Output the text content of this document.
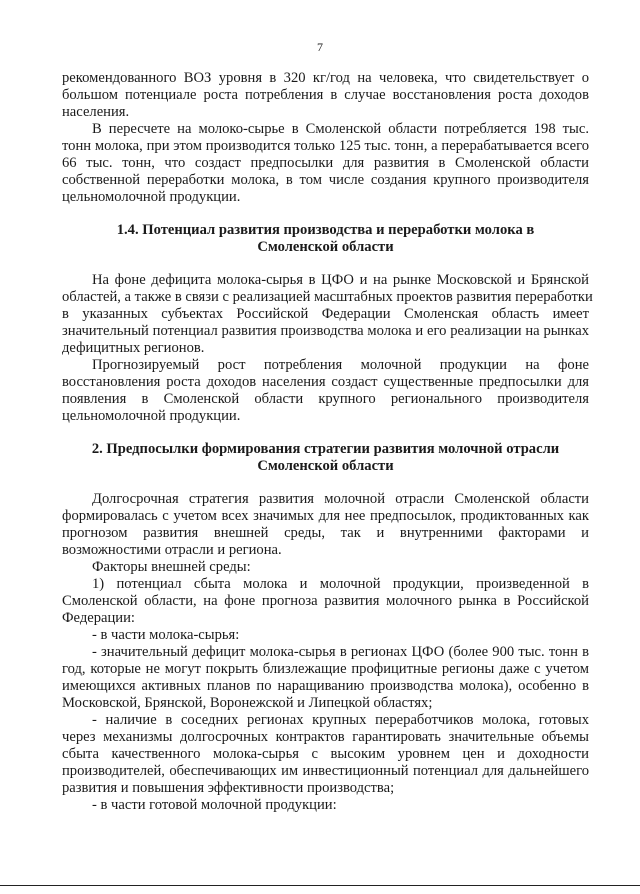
7
рекомендованного ВОЗ уровня в 320 кг/год на человека, что свидетельствует о
большом потенциале роста потребления в случае восстановления роста доходов
населения.
В пересчете на молоко-сырье в Смоленской области потребляется 198 тыс.
тонн молока, при этом производится только 125 тыс. тонн, а перерабатывается всего
66 тыс. тонн, что создаст предпосылки для развития в Смоленской области
собственной переработки молока, в том числе создания крупного производителя
цельномолочной продукции.
1.4. Потенциал развития производства и переработки молока в
Смоленской области
На фоне дефицита молока-сырья в ЦФО и на рынке Московской и Брянской
областей, а также в связи с реализацией масштабных проектов развития переработки
в указанных субъектах Российской Федерации Смоленская область имеет
значительный потенциал развития производства молока и его реализации на рынках
дефицитных регионов.
Прогнозируемый рост потребления молочной продукции на фоне
восстановления роста доходов населения создаст существенные предпосылки для
появления в Смоленской области крупного регионального производителя
цельномолочной продукции.
2. Предпосылки формирования стратегии развития молочной отрасли
Смоленской области
Долгосрочная стратегия развития молочной отрасли Смоленской области
формировалась с учетом всех значимых для нее предпосылок, продиктованных как
прогнозом развития внешней среды, так и внутренними факторами и
возможностими отрасли и региона.
Факторы внешней среды:
1) потенциал сбыта молока и молочной продукции, произведенной в
Смоленской области, на фоне прогноза развития молочного рынка в Российской
Федерации:
- в части молока-сырья:
- значительный дефицит молока-сырья в регионах ЦФО (более 900 тыс. тонн в
год, которые не могут покрыть близлежащие профицитные регионы даже с учетом
имеющихся активных планов по наращиванию производства молока), особенно в
Московской, Брянской, Воронежской и Липецкой областях;
- наличие в соседних регионах крупных переработчиков молока, готовых
через механизмы долгосрочных контрактов гарантировать значительные объемы
сбыта качественного молока-сырья с высоким уровнем цен и доходности
производителей, обеспечивающих им инвестиционный потенциал для дальнейшего
развития и повышения эффективности производства;
- в части готовой молочной продукции:
